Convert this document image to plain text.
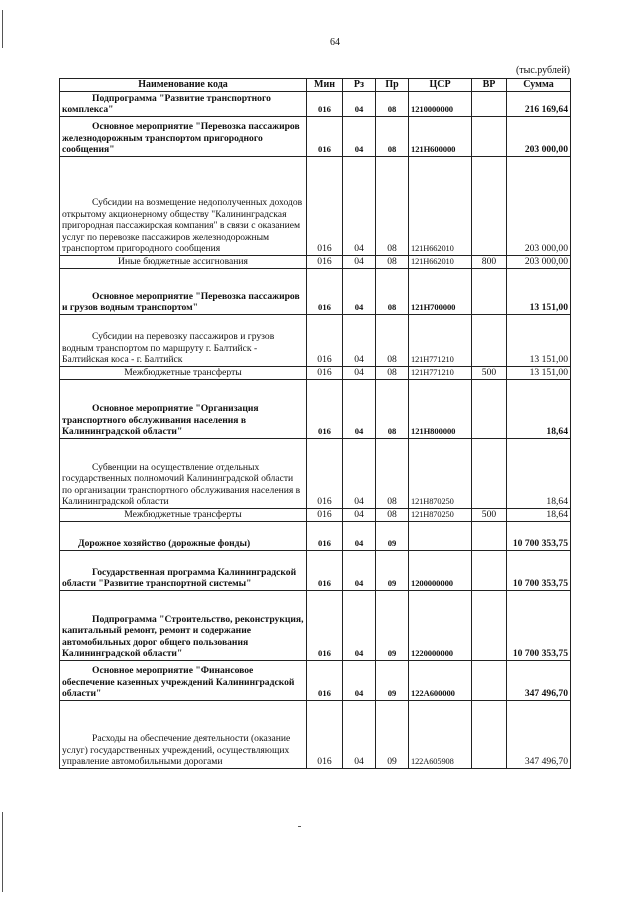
64
(тыс.рублей)
Наименование кода	Мин	Рз	Пр	ЦСР	ВР	Сумма
Подпрограмма "Развитие транспортного комплекса"	016	04	08	1210000000		216 169,64
Основное мероприятие "Перевозка пассажиров железнодорожным транспортом пригородного сообщения"	016	04	08	121Н600000		203 000,00
Субсидии на возмещение недополученных доходов открытому акционерному обществу "Калининградская пригородная пассажирская компания" в связи с оказанием услуг по перевозке пассажиров железнодорожным транспортом пригородного сообщения	016	04	08	121Н662010		203 000,00
Иные бюджетные ассигнования	016	04	08	121Н662010	800	203 000,00
Основное мероприятие "Перевозка пассажиров и грузов водным транспортом"	016	04	08	121Н700000		13 151,00
Субсидии на перевозку пассажиров и грузов водным транспортом по маршруту г. Балтийск - Балтийская коса - г. Балтийск	016	04	08	121Н771210		13 151,00
Межбюджетные трансферты	016	04	08	121Н771210	500	13 151,00
Основное мероприятие "Организация транспортного обслуживания населения в Калининградской области"	016	04	08	121Н800000		18,64
Субвенции на осуществление отдельных государственных полномочий Калининградской области по организации транспортного обслуживания населения в Калининградской области	016	04	08	121Н870250		18,64
Межбюджетные трансферты	016	04	08	121Н870250	500	18,64
Дорожное хозяйство (дорожные фонды)	016	04	09			10 700 353,75
Государственная программа Калининградской области "Развитие транспортной системы"	016	04	09	1200000000		10 700 353,75
Подпрограмма "Строительство, реконструкция, капитальный ремонт, ремонт и содержание автомобильных дорог общего пользования Калининградской области"	016	04	09	1220000000		10 700 353,75
Основное мероприятие "Финансовое обеспечение казенных учреждений Калининградской области"	016	04	09	122А600000		347 496,70
Расходы на обеспечение деятельности (оказание услуг) государственных учреждений, осуществляющих управление автомобильными дорогами	016	04	09	122А605908		347 496,70
